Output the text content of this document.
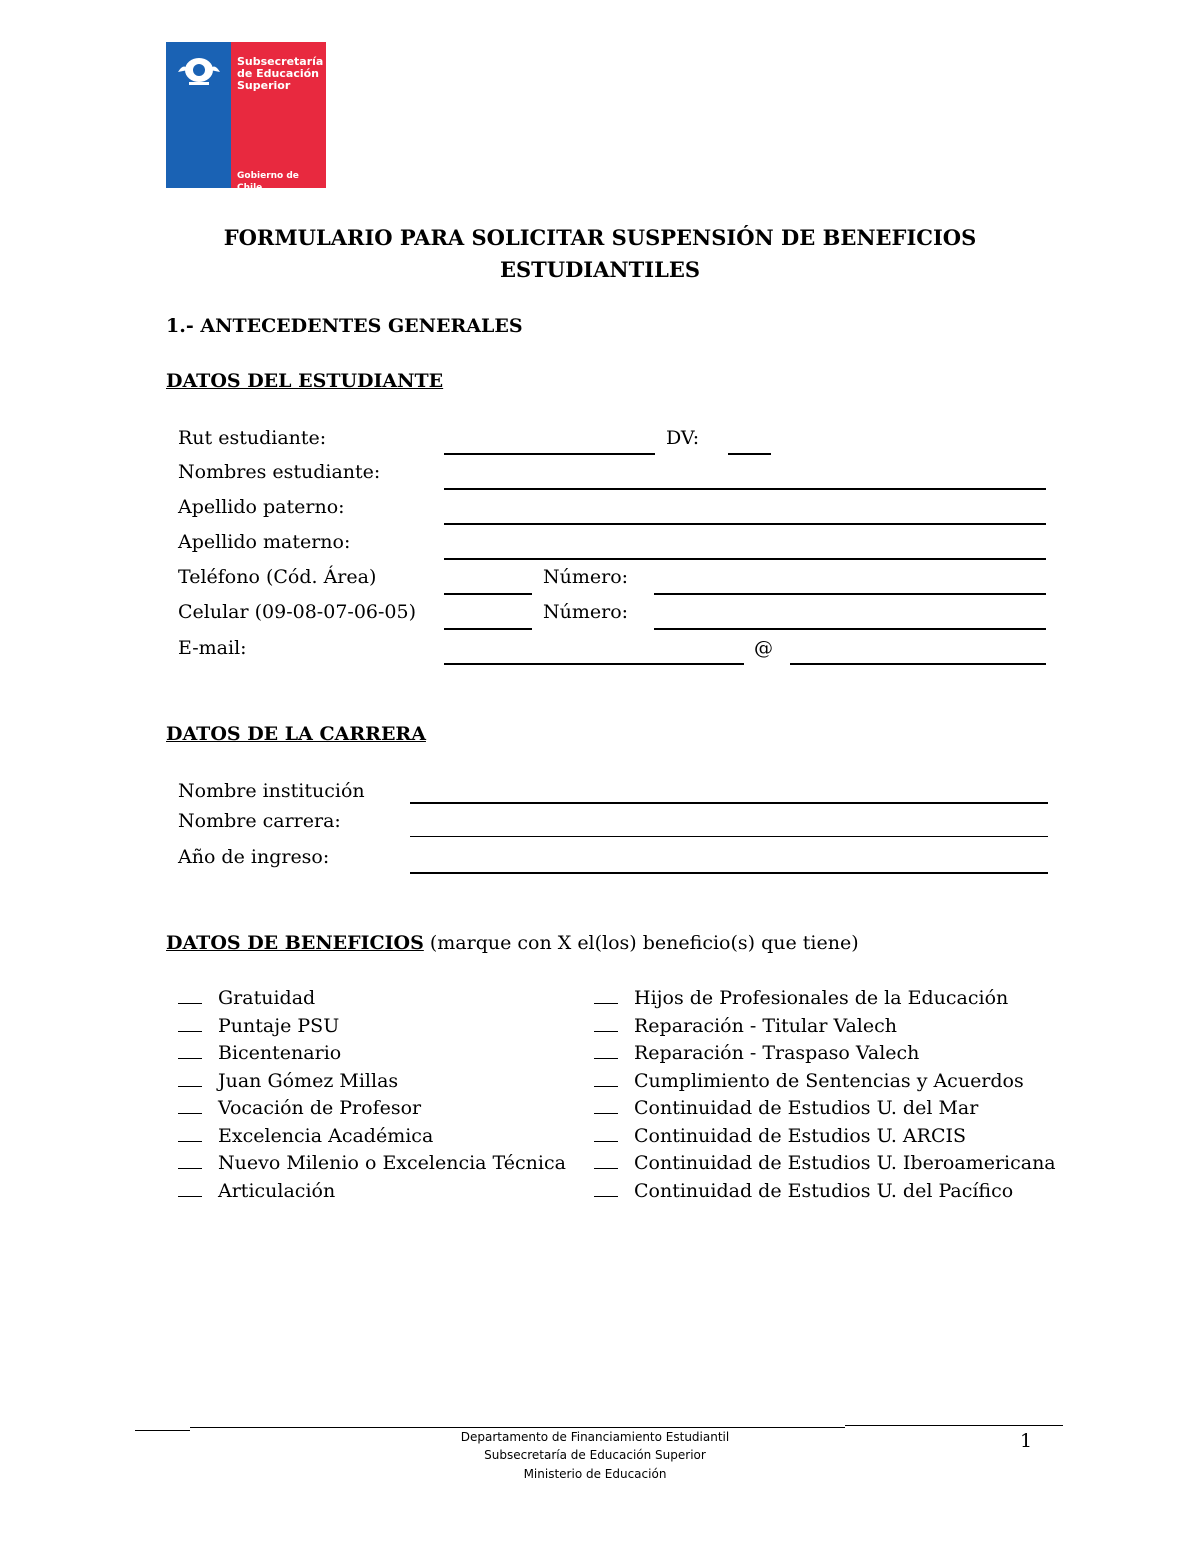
Subsecretaría
de Educación
Superior
Gobierno de Chile
FORMULARIO PARA SOLICITAR SUSPENSIÓN DE BENEFICIOS
ESTUDIANTILES
1.- ANTECEDENTES GENERALES
DATOS DEL ESTUDIANTE
Rut estudiante:	DV:
Nombres estudiante:
Apellido paterno:
Apellido materno:
Teléfono (Cód. Área)	Número:
Celular (09-08-07-06-05)	Número:
E-mail:	@
DATOS DE LA CARRERA
Nombre institución
Nombre carrera:
Año de ingreso:
DATOS DE BENEFICIOS (marque con X el(los) beneficio(s) que tiene)
Gratuidad
Puntaje PSU
Bicentenario
Juan Gómez Millas
Vocación de Profesor
Excelencia Académica
Nuevo Milenio o Excelencia Técnica
Articulación
Hijos de Profesionales de la Educación
Reparación - Titular Valech
Reparación - Traspaso Valech
Cumplimiento de Sentencias y Acuerdos
Continuidad de Estudios U. del Mar
Continuidad de Estudios U. ARCIS
Continuidad de Estudios U. Iberoamericana
Continuidad de Estudios U. del Pacífico
Departamento de Financiamiento Estudiantil
Subsecretaría de Educación Superior
Ministerio de Educación
1
